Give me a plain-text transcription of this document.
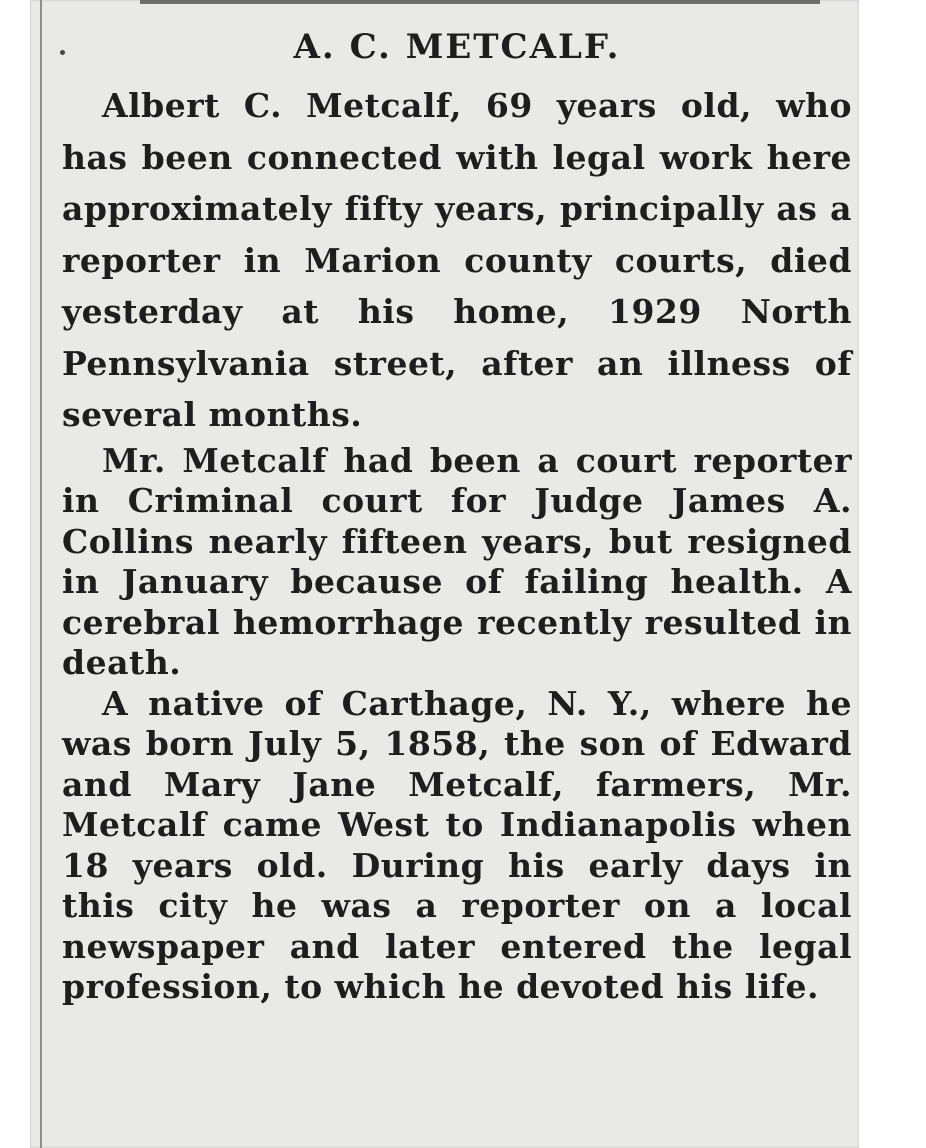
A. C. METCALF.

Albert C. Metcalf, 69 years old, who has been connected with legal work here approximately fifty years, principally as a reporter in Marion county courts, died yesterday at his home, 1929 North Pennsylvania street, after an illness of several months.

Mr. Metcalf had been a court reporter in Criminal court for Judge James A. Collins nearly fifteen years, but resigned in January because of failing health. A cerebral hemorrhage recently resulted in death.

A native of Carthage, N. Y., where he was born July 5, 1858, the son of Edward and Mary Jane Metcalf, farmers, Mr. Metcalf came West to Indianapolis when 18 years old. During his early days in this city he was a reporter on a local newspaper and later entered the legal profession, to which he devoted his life.
